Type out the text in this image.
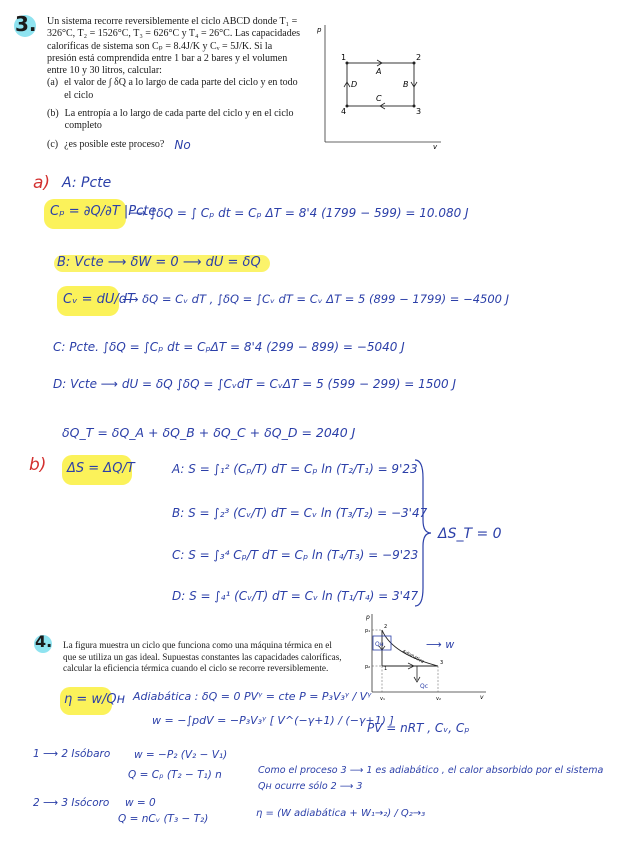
3. Un sistema recorre reversiblemente el ciclo ABCD donde T₁ =
326°C, T₂ = 1526°C, T₃ = 626°C y T₄ = 26°C. Las capacidades
caloríficas de sistema son Cₚ = 8.4J/K y Cᵥ = 5J/K. Si la
presión está comprendida entre 1 bar a 2 bares y el volumen
entre 10 y 30 litros, calcular:
(a) el valor de ∫ δQ a lo largo de cada parte del ciclo y en todo
el ciclo
(b) La entropía a lo largo de cada parte del ciclo y en el ciclo
completo
(c) ¿es posible este proceso? No
p
v
1	2
3
4
A
B
C
D
a) A: Pcte
Cₚ = ∂Q/∂T |Pcte
⟶ ∫δQ = ∫ Cₚ dt = Cₚ ΔT = 8'4 (1799 − 599) = 10.080 J
B: Vcte ⟶ δW = 0 ⟶ dU = δQ
Cᵥ = dU/dT
⟶ δQ = Cᵥ dT , ∫δQ = ∫Cᵥ dT = Cᵥ ΔT = 5 (899 − 1799) = −4500 J
C: Pcte. ∫δQ = ∫Cₚ dt = CₚΔT = 8'4 (299 − 899) = −5040 J
D: Vcte ⟶ dU = δQ ∫δQ = ∫CᵥdT = CᵥΔT = 5 (599 − 299) = 1500 J
δQ_T = δQ_A + δQ_B + δQ_C + δQ_D = 2040 J
b) ΔS = ΔQ/T	A: S = ∫₁² (Cₚ/T) dT = Cₚ ln (T₂/T₁) = 9'23
B: S = ∫₂³ (Cᵥ/T) dT = Cᵥ ln (T₃/T₂) = −3'47
C: S = ∫₃⁴ Cₚ/T dT = Cₚ ln (T₄/T₃) = −9'23
D: S = ∫₄¹ (Cᵥ/T) dT = Cᵥ ln (T₁/T₄) = 3'47
ΔS_T = 0
4. La figura muestra un ciclo que funciona como una máquina térmica en el
que se utiliza un gas ideal. Supuestas constantes las capacidades caloríficas,
calcular la eficiencia térmica cuando el ciclo se recorre reversiblemente.
p
v
p₁
p₂
v₁	v₂
1
2
3
Adiabática
Qʜ
Qc
⟶ w
η = w/Qʜ Adiabática : δQ = 0 PVᵞ = cte P = P₃V₃ᵞ / Vᵞ
w = −∫pdV = −P₃V₃ᵞ [ V^(−γ+1) / (−γ+1) ]
PV = nRT , Cᵥ, Cₚ
1 ⟶ 2 Isóbaro w = −P₂ (V₂ − V₁)
Q = Cₚ (T₂ − T₁) n	Como el proceso 3 ⟶ 1 es adiabático , el calor absorbido por el sistema
Qʜ ocurre sólo 2 ⟶ 3
2 ⟶ 3 Isócoro w = 0
Q = nCᵥ (T₃ − T₂)	η = (W adiabática + W₁→₂) / Q₂→₃
